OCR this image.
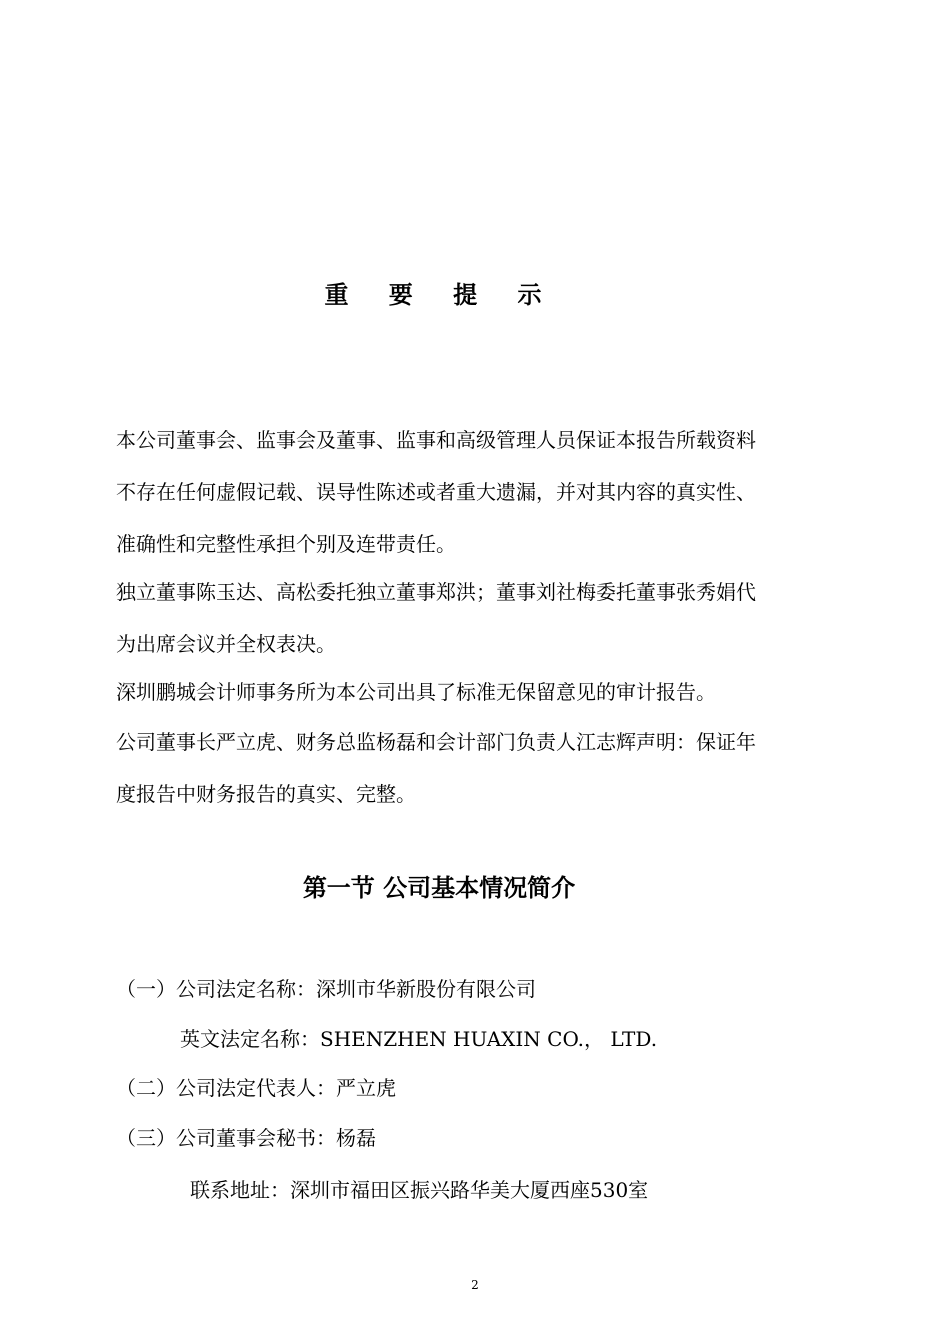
重 要 提 示
本公司董事会、监事会及董事、监事和高级管理人员保证本报告所载资料
不存在任何虚假记载、误导性陈述或者重大遗漏，并对其内容的真实性、
准确性和完整性承担个别及连带责任。
独立董事陈玉达、高松委托独立董事郑洪；董事刘社梅委托董事张秀娟代
为出席会议并全权表决。
深圳鹏城会计师事务所为本公司出具了标准无保留意见的审计报告。
公司董事长严立虎、财务总监杨磊和会计部门负责人江志辉声明：保证年
度报告中财务报告的真实、完整。
第一节 公司基本情况简介
（一）公司法定名称：深圳市华新股份有限公司
英文法定名称：SHENZHEN HUAXIN CO.， LTD.
（二）公司法定代表人：严立虎
（三）公司董事会秘书：杨磊
联系地址：深圳市福田区振兴路华美大厦西座530室
2
